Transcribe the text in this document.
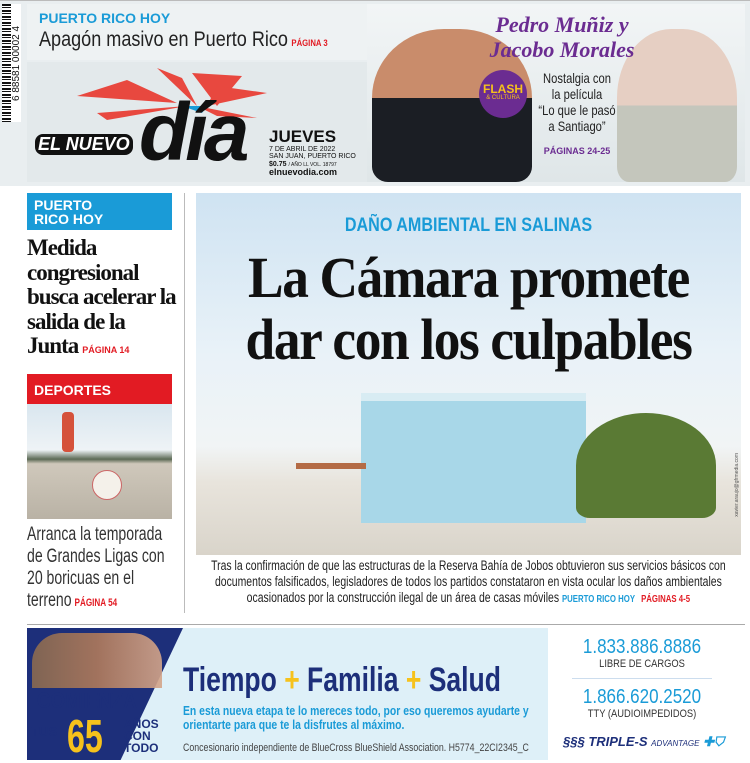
6 88581 00002 4
PUERTO RICO HOY
Apagón masivo en Puerto Rico PÁGINA 3
día
EL NUEVO	JUEVES
7 DE ABRIL DE 2022
SAN JUAN, PUERTO RICO
$0.75 / AÑO LL VOL. 18797
elnuevodia.com
Pedro Muñiz y
Jacobo Morales
FLASH
& CULTURA
Nostalgia con
la película
“Lo que le pasó
a Santiago”
PÁGINAS 24-25
PUERTO
RICO HOY
Medida congresional busca acelerar la salida de la Junta PÁGINA 14
DEPORTES
Arranca la temporada de Grandes Ligas con 20 boricuas en el terreno PÁGINA 54
DAÑO AMBIENTAL EN SALINAS
La Cámara promete
dar con los culpables
xavier.araujo@gfrmedia.com
Tras la confirmación de que las estructuras de la Reserva Bahía de Jobos obtuvieron sus servicios básicos con documentos falsificados, legisladores de todos los partidos constataron en vista ocular los daños ambientales ocasionados por la construcción ilegal de un área de casas móviles PUERTO RICO HOY PÁGINAS 4-5
COMIENZA
TUS 65 AÑOS
CON
TODO
Tiempo + Familia + Salud
En esta nueva etapa te lo mereces todo, por eso queremos ayudarte y orientarte para que te la disfrutes al máximo.
Concesionario independiente de BlueCross BlueShield Association. H5774_22CI2345_C
1.833.886.8886
LIBRE DE CARGOS
1.866.620.2520
TTY (AUDIOIMPEDIDOS)
§§§ TRIPLE-S ADVANTAGE ✚⛉
